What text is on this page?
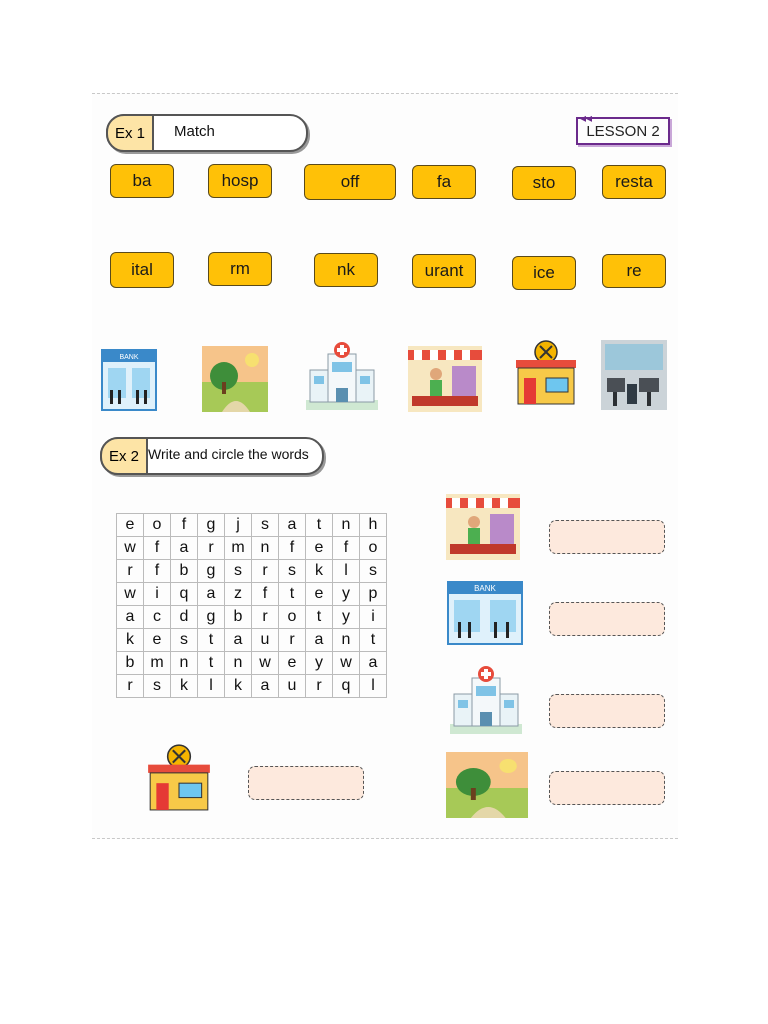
Ex 1	Match
◂◂
LESSON 2
ba	hosp	off	fa	sto	resta
ital	rm	nk	urant	ice	re
BANK
Ex 2 Write and circle the words
e	o	f	g	j	s	a	t	n	h
w	f	a	r	m	n	f	e	f	o
r	f	b	g	s	r	s	k	l	s
w	i	q	a	z	f	t	e	y	p
a	c	d	g	b	r	o	t	y	i
k	e	s	t	a	u	r	a	n	t
b	m	n	t	n	w	e	y	w	a
r	s	k	l	k	a	u	r	q	l
BANK
